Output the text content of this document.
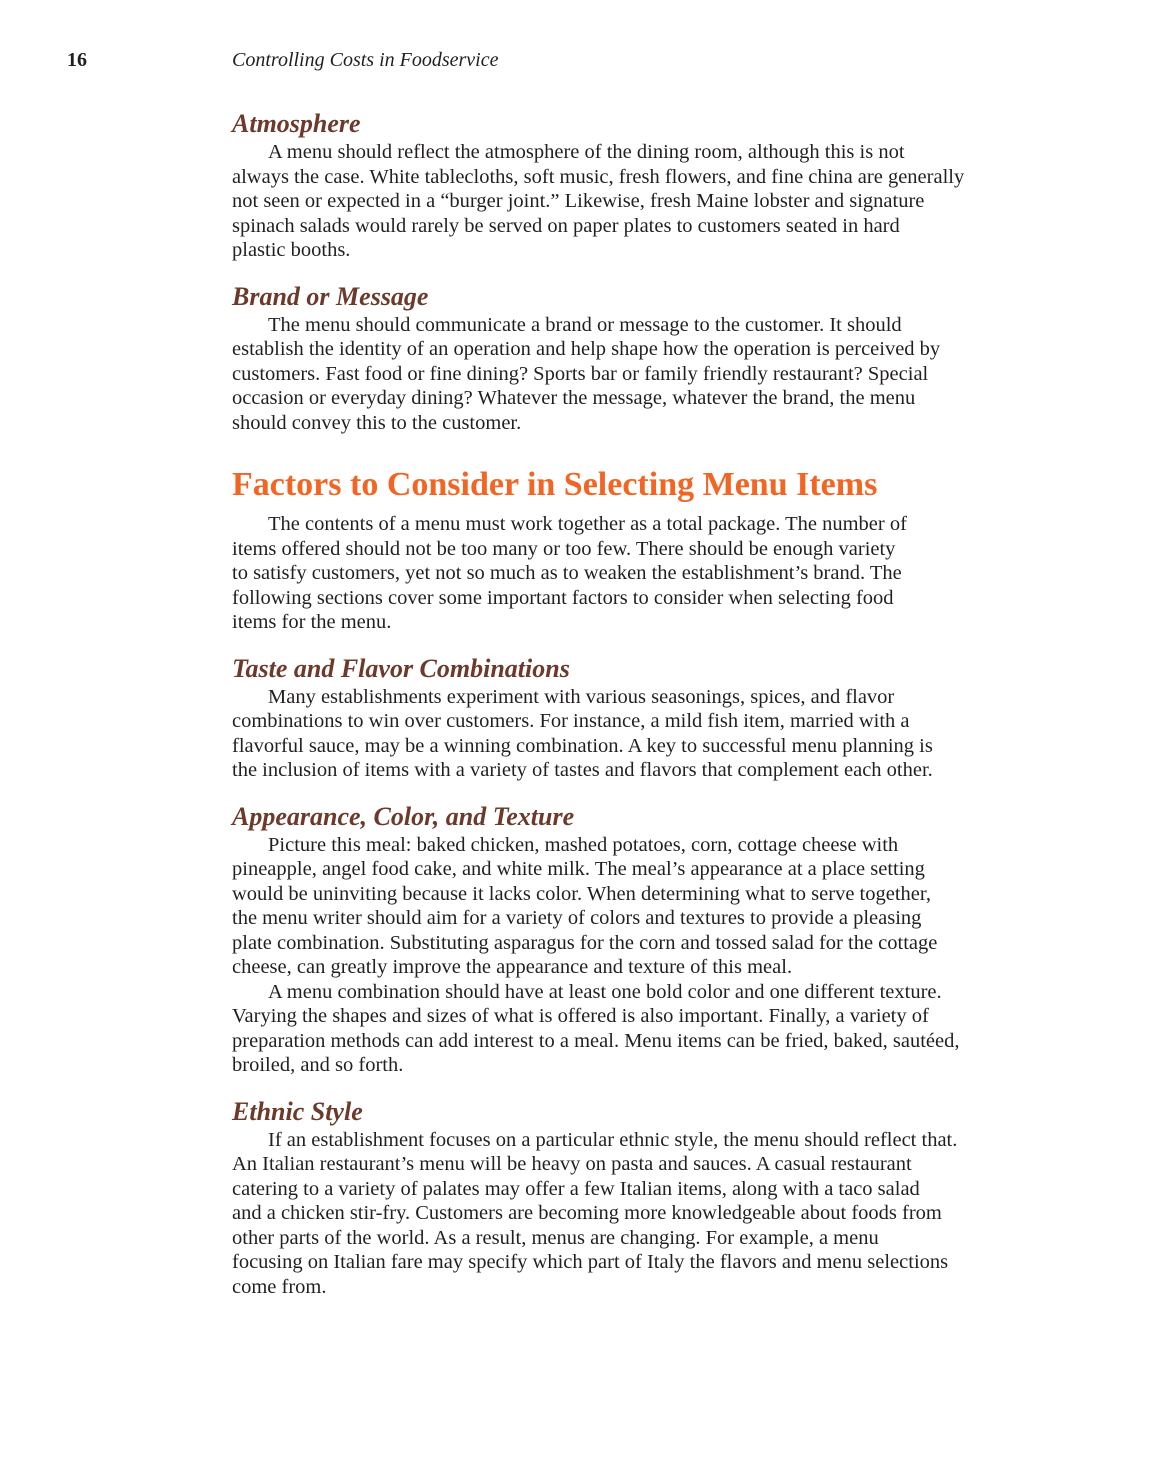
16	Controlling Costs in Foodservice
Atmosphere
A menu should reflect the atmosphere of the dining room, although this is not
always the case. White tablecloths, soft music, fresh flowers, and fine china are generally
not seen or expected in a “burger joint.” Likewise, fresh Maine lobster and signature
spinach salads would rarely be served on paper plates to customers seated in hard
plastic booths.
Brand or Message
The menu should communicate a brand or message to the customer. It should
establish the identity of an operation and help shape how the operation is perceived by
customers. Fast food or fine dining? Sports bar or family friendly restaurant? Special
occasion or everyday dining? Whatever the message, whatever the brand, the menu
should convey this to the customer.
Factors to Consider in Selecting Menu Items
The contents of a menu must work together as a total package. The number of
items offered should not be too many or too few. There should be enough variety
to satisfy customers, yet not so much as to weaken the establishment’s brand. The
following sections cover some important factors to consider when selecting food
items for the menu.
Taste and Flavor Combinations
Many establishments experiment with various seasonings, spices, and flavor
combinations to win over customers. For instance, a mild fish item, married with a
flavorful sauce, may be a winning combination. A key to successful menu planning is
the inclusion of items with a variety of tastes and flavors that complement each other.
Appearance, Color, and Texture
Picture this meal: baked chicken, mashed potatoes, corn, cottage cheese with
pineapple, angel food cake, and white milk. The meal’s appearance at a place setting
would be uninviting because it lacks color. When determining what to serve together,
the menu writer should aim for a variety of colors and textures to provide a pleasing
plate combination. Substituting asparagus for the corn and tossed salad for the cottage
cheese, can greatly improve the appearance and texture of this meal.
A menu combination should have at least one bold color and one different texture.
Varying the shapes and sizes of what is offered is also important. Finally, a variety of
preparation methods can add interest to a meal. Menu items can be fried, baked, sautéed,
broiled, and so forth.
Ethnic Style
If an establishment focuses on a particular ethnic style, the menu should reflect that.
An Italian restaurant’s menu will be heavy on pasta and sauces. A casual restaurant
catering to a variety of palates may offer a few Italian items, along with a taco salad
and a chicken stir-fry. Customers are becoming more knowledgeable about foods from
other parts of the world. As a result, menus are changing. For example, a menu
focusing on Italian fare may specify which part of Italy the flavors and menu selections
come from.
